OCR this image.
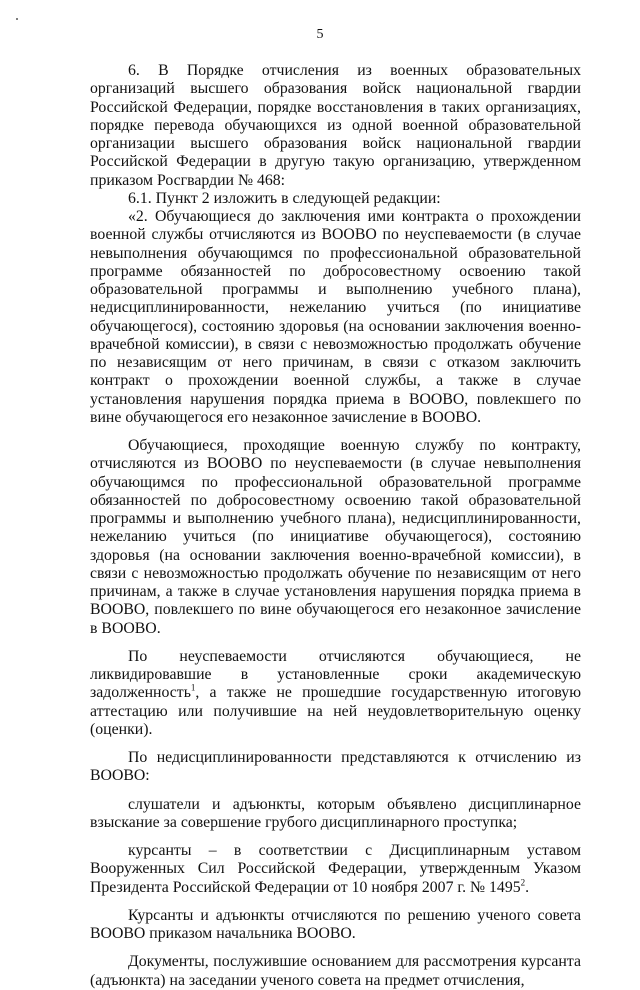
5

6. В Порядке отчисления из военных образовательных организаций высшего образования войск национальной гвардии Российской Федерации, порядке восстановления в таких организациях, порядке перевода обучающихся из одной военной образовательной организации высшего образования войск национальной гвардии Российской Федерации в другую такую организацию, утвержденном приказом Росгвардии № 468:

6.1. Пункт 2 изложить в следующей редакции:

«2. Обучающиеся до заключения ими контракта о прохождении военной службы отчисляются из ВООВО по неуспеваемости (в случае невыполнения обучающимся по профессиональной образовательной программе обязанностей по добросовестному освоению такой образовательной программы и выполнению учебного плана), недисциплинированности, нежеланию учиться (по инициативе обучающегося), состоянию здоровья (на основании заключения военно-врачебной комиссии), в связи с невозможностью продолжать обучение по независящим от него причинам, в связи с отказом заключить контракт о прохождении военной службы, а также в случае установления нарушения порядка приема в ВООВО, повлекшего по вине обучающегося его незаконное зачисление в ВООВО.

Обучающиеся, проходящие военную службу по контракту, отчисляются из ВООВО по неуспеваемости (в случае невыполнения обучающимся по профессиональной образовательной программе обязанностей по добросовестному освоению такой образовательной программы и выполнению учебного плана), недисциплинированности, нежеланию учиться (по инициативе обучающегося), состоянию здоровья (на основании заключения военно-врачебной комиссии), в связи с невозможностью продолжать обучение по независящим от него причинам, а также в случае установления нарушения порядка приема в ВООВО, повлекшего по вине обучающегося его незаконное зачисление в ВООВО.

По неуспеваемости отчисляются обучающиеся, не ликвидировавшие в установленные сроки академическую задолженность$^1$, а также не прошедшие государственную итоговую аттестацию или получившие на ней неудовлетворительную оценку (оценки).

По недисциплинированности представляются к отчислению из ВООВО:

слушатели и адъюнкты, которым объявлено дисциплинарное взыскание за совершение грубого дисциплинарного проступка;

курсанты – в соответствии с Дисциплинарным уставом Вооруженных Сил Российской Федерации, утвержденным Указом Президента Российской Федерации от 10 ноября 2007 г. № 1495$^2$.

Курсанты и адъюнкты отчисляются по решению ученого совета ВООВО приказом начальника ВООВО.

Документы, послужившие основанием для рассмотрения курсанта (адъюнкта) на заседании ученого совета на предмет отчисления,
